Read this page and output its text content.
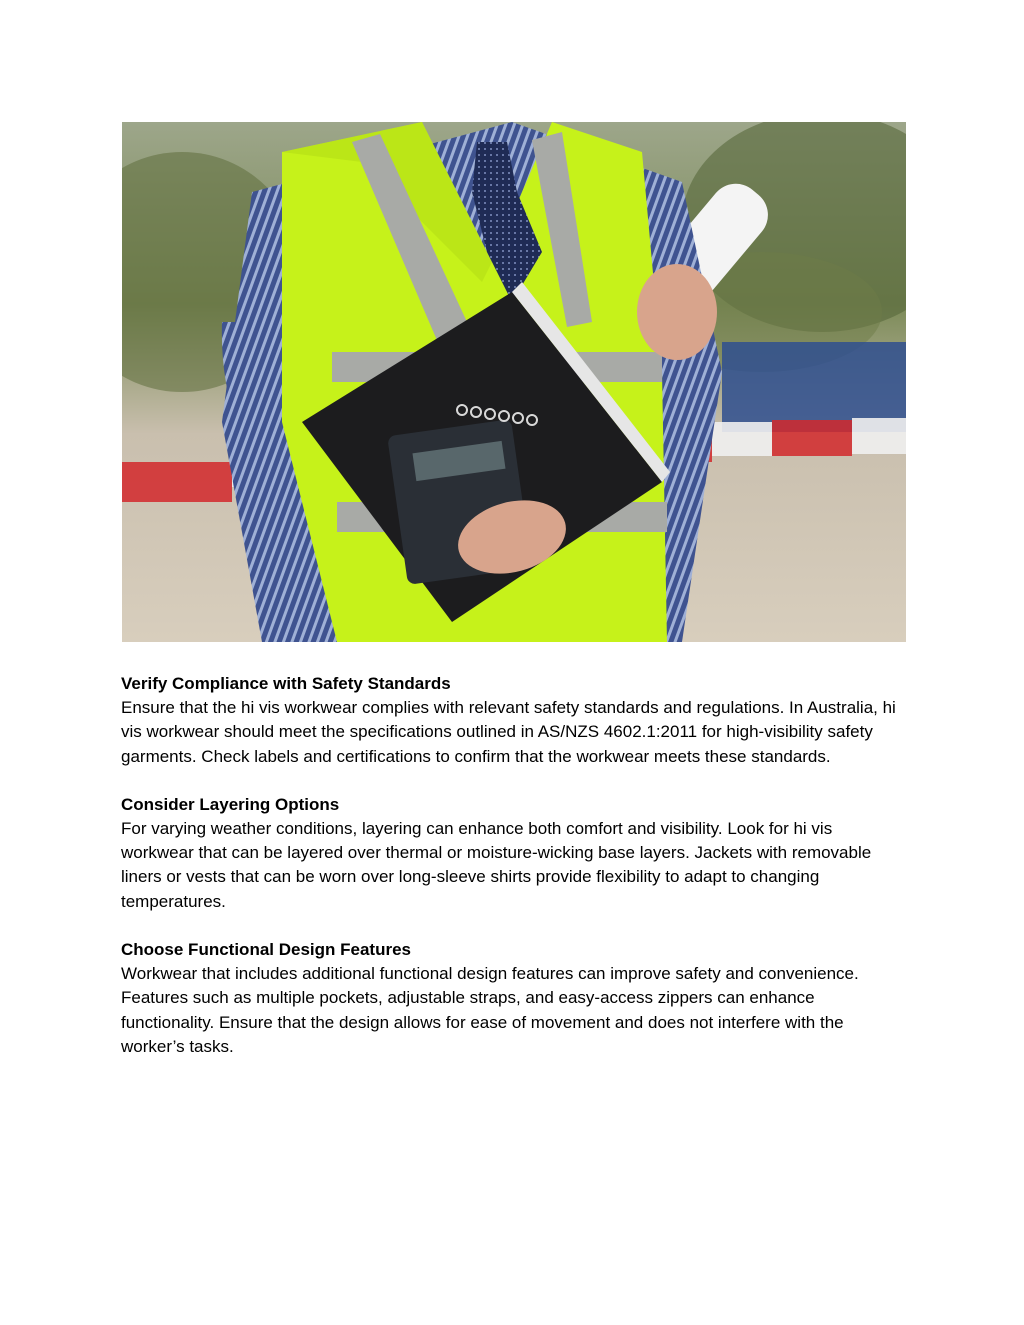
Verify Compliance with Safety Standards

Ensure that the hi vis workwear complies with relevant safety standards and regulations. In Australia, hi vis workwear should meet the specifications outlined in AS/NZS 4602.1:2011 for high-visibility safety garments. Check labels and certifications to confirm that the workwear meets these standards.

Consider Layering Options

For varying weather conditions, layering can enhance both comfort and visibility. Look for hi vis workwear that can be layered over thermal or moisture-wicking base layers. Jackets with removable liners or vests that can be worn over long-sleeve shirts provide flexibility to adapt to changing temperatures.

Choose Functional Design Features

Workwear that includes additional functional design features can improve safety and convenience. Features such as multiple pockets, adjustable straps, and easy-access zippers can enhance functionality. Ensure that the design allows for ease of movement and does not interfere with the worker’s tasks.
